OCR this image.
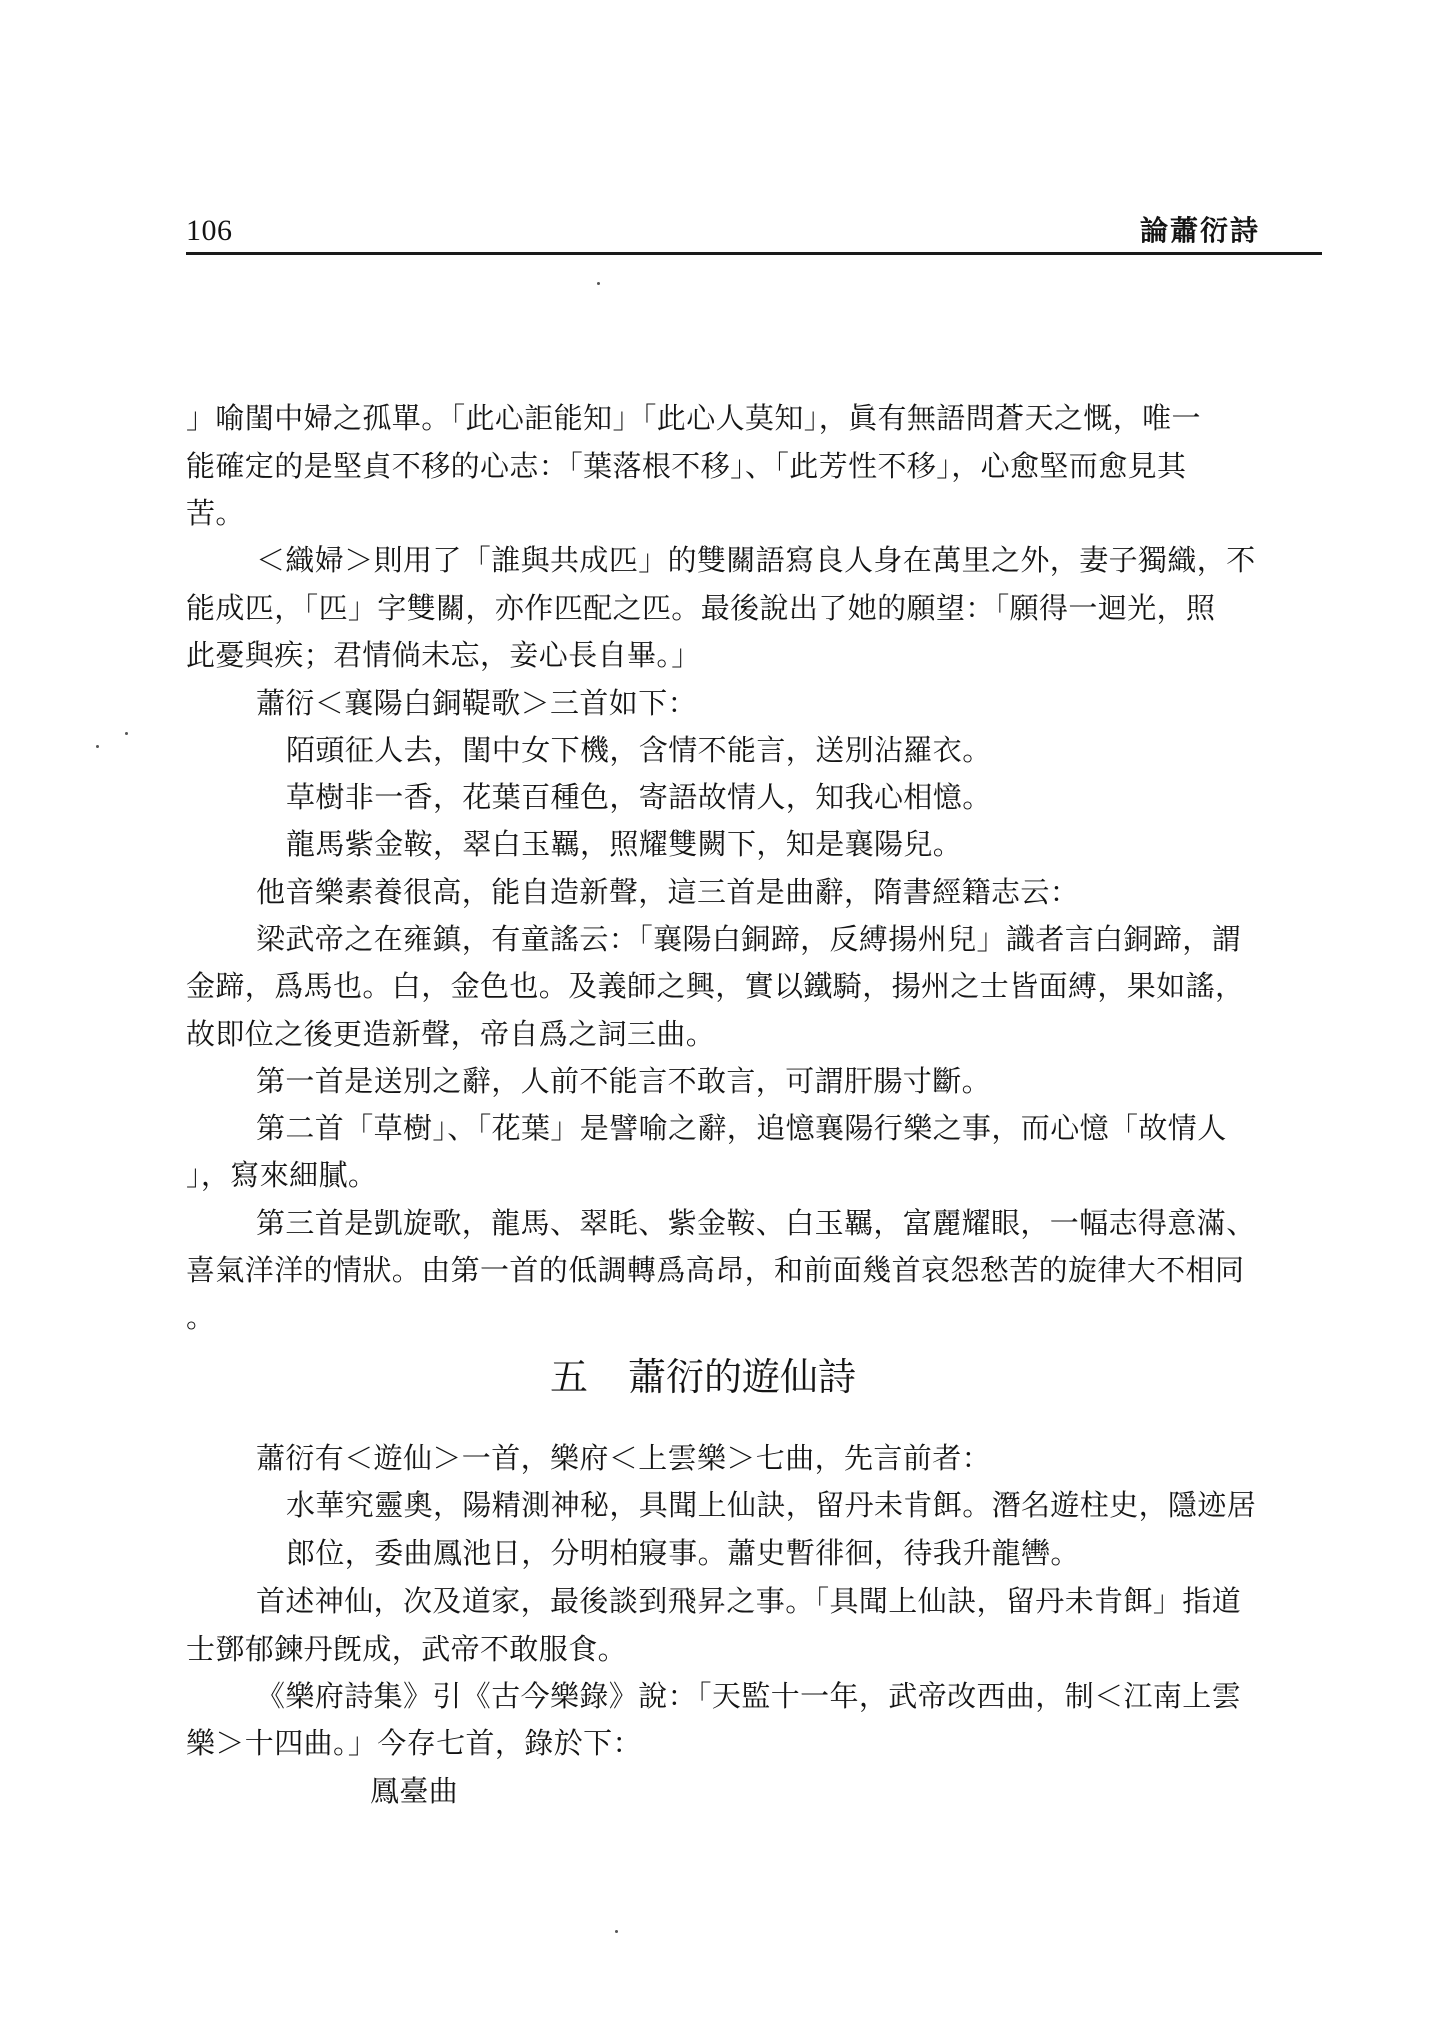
106	論蕭衍詩
」喻閨中婦之孤單。「此心詎能知」「此心人莫知」，眞有無語問蒼天之慨，唯一
能確定的是堅貞不移的心志：「葉落根不移」、「此芳性不移」，心愈堅而愈見其
苦。
＜織婦＞則用了「誰與共成匹」的雙關語寫良人身在萬里之外，妻子獨織，不
能成匹，「匹」字雙關，亦作匹配之匹。最後說出了她的願望：「願得一迴光，照
此憂與疾；君情倘未忘，妾心長自畢。」
蕭衍＜襄陽白銅鞮歌＞三首如下：
陌頭征人去，閨中女下機，含情不能言，送別沾羅衣。
草樹非一香，花葉百種色，寄語故情人，知我心相憶。
龍馬紫金鞍，翠白玉羈，照耀雙闕下，知是襄陽兒。
他音樂素養很高，能自造新聲，這三首是曲辭，隋書經籍志云：
梁武帝之在雍鎮，有童謠云：「襄陽白銅蹄，反縛揚州兒」識者言白銅蹄，謂
金蹄，爲馬也。白，金色也。及義師之興，實以鐵騎，揚州之士皆面縛，果如謠，
故即位之後更造新聲，帝自爲之詞三曲。
第一首是送別之辭，人前不能言不敢言，可謂肝腸寸斷。
第二首「草樹」、「花葉」是譬喻之辭，追憶襄陽行樂之事，而心憶「故情人
」，寫來細膩。
第三首是凱旋歌，龍馬、翠眊、紫金鞍、白玉羈，富麗耀眼，一幅志得意滿、
喜氣洋洋的情狀。由第一首的低調轉爲高昂，和前面幾首哀怨愁苦的旋律大不相同
。
五 蕭衍的遊仙詩
蕭衍有＜遊仙＞一首，樂府＜上雲樂＞七曲，先言前者：
水華究靈奧，陽精測神秘，具聞上仙訣，留丹未肯餌。潛名遊柱史，隱迹居
郎位，委曲鳳池日，分明柏寢事。蕭史暫徘徊，待我升龍轡。
首述神仙，次及道家，最後談到飛昇之事。「具聞上仙訣，留丹未肯餌」指道
士鄧郁鍊丹旣成，武帝不敢服食。
《樂府詩集》引《古今樂錄》說：「天監十一年，武帝改西曲，制＜江南上雲
樂＞十四曲。」今存七首，錄於下：
鳳臺曲
